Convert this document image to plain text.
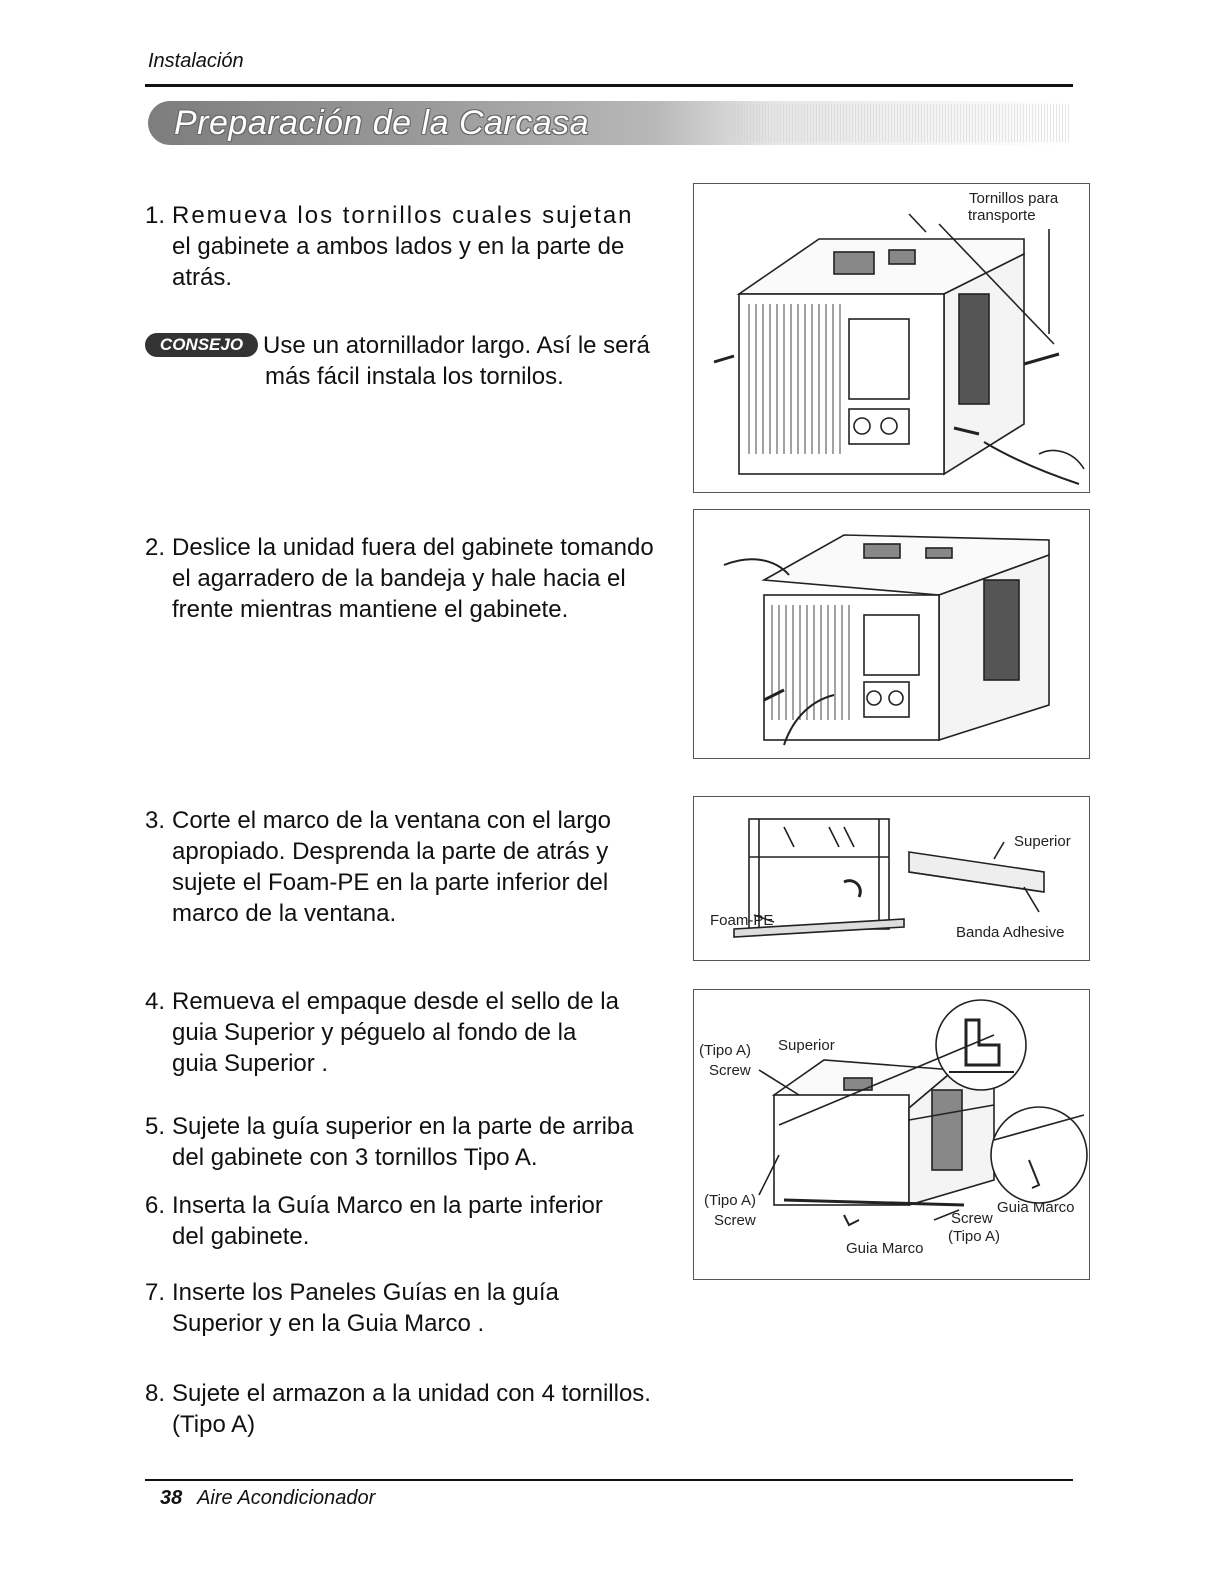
Instalación
Preparación de la Carcasa
1. Remueva los tornillos cuales sujetan
el gabinete a ambos lados y en la parte de
atrás.
CONSEJO Use un atornillador largo. Así le será
más fácil instala los tornilos.
2. Deslice la unidad fuera del gabinete tomando
el agarradero de la bandeja y hale hacia el
frente mientras mantiene el gabinete.
3. Corte el marco de la ventana con el largo
apropiado. Desprenda la parte de atrás y
sujete el Foam-PE en la parte inferior del
marco de la ventana.
4. Remueva el empaque desde el sello de la
guia Superior y péguelo al fondo de la
guia Superior .
5. Sujete la guía superior en la parte de arriba
del gabinete con 3 tornillos Tipo A.
6. Inserta la Guía Marco en la parte inferior
del gabinete.
7. Inserte los Paneles Guías en la guía
Superior y en la Guia Marco .
8. Sujete el armazon a la unidad con 4 tornillos.
(Tipo A)
Tornillos para
transporte
Foam-PE
Superior
Banda Adhesive
(Tipo A) Superior
Screw
(Tipo A)
Screw
Guia Marco
Screw
(Tipo A)
Guia Marco
38 Aire Acondicionador
